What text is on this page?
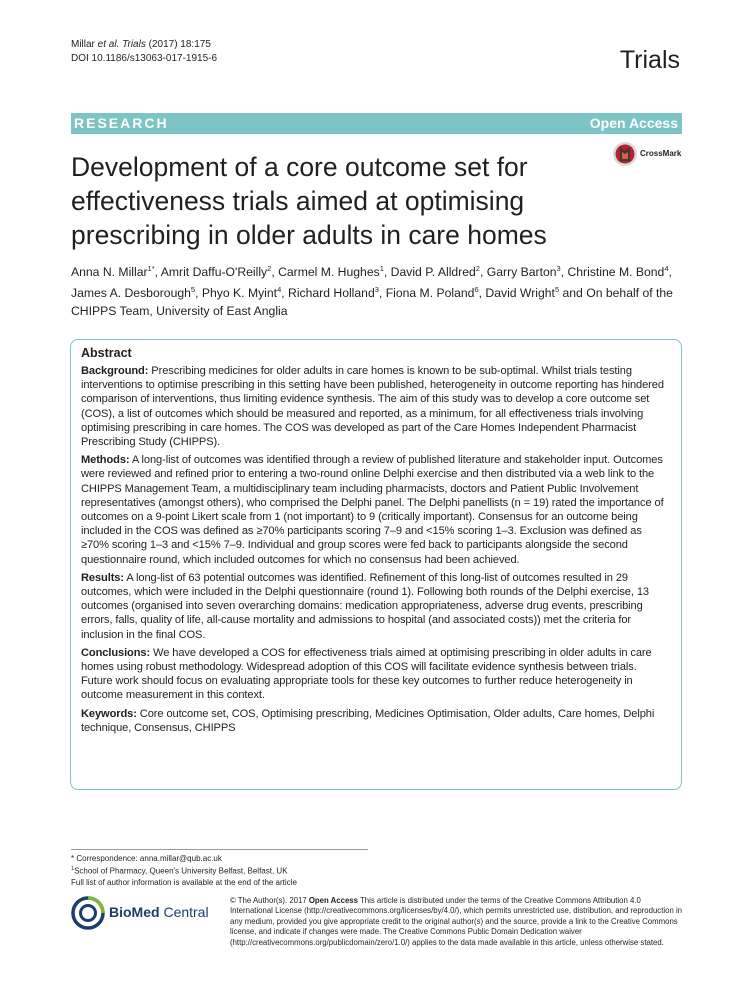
Millar et al. Trials (2017) 18:175
DOI 10.1186/s13063-017-1915-6	Trials
RESEARCH	Open Access
Development of a core outcome set for effectiveness trials aimed at optimising prescribing in older adults in care homes
CrossMark
Anna N. Millar$^{1*}$, Amrit Daffu-O'Reilly$^2$, Carmel M. Hughes$^1$, David P. Alldred$^2$, Garry Barton$^3$, Christine M. Bond$^4$, James A. Desborough$^5$, Phyo K. Myint$^4$, Richard Holland$^3$, Fiona M. Poland$^6$, David Wright$^5$ and On behalf of the CHIPPS Team, University of East Anglia
Abstract

Background: Prescribing medicines for older adults in care homes is known to be sub-optimal. Whilst trials testing interventions to optimise prescribing in this setting have been published, heterogeneity in outcome reporting has hindered comparison of interventions, thus limiting evidence synthesis. The aim of this study was to develop a core outcome set (COS), a list of outcomes which should be measured and reported, as a minimum, for all effectiveness trials involving optimising prescribing in care homes. The COS was developed as part of the Care Homes Independent Pharmacist Prescribing Study (CHIPPS).

Methods: A long-list of outcomes was identified through a review of published literature and stakeholder input. Outcomes were reviewed and refined prior to entering a two-round online Delphi exercise and then distributed via a web link to the CHIPPS Management Team, a multidisciplinary team including pharmacists, doctors and Patient Public Involvement representatives (amongst others), who comprised the Delphi panel. The Delphi panellists (n = 19) rated the importance of outcomes on a 9-point Likert scale from 1 (not important) to 9 (critically important). Consensus for an outcome being included in the COS was defined as ≥70% participants scoring 7–9 and <15% scoring 1–3. Exclusion was defined as ≥70% scoring 1–3 and <15% 7–9. Individual and group scores were fed back to participants alongside the second questionnaire round, which included outcomes for which no consensus had been achieved.

Results: A long-list of 63 potential outcomes was identified. Refinement of this long-list of outcomes resulted in 29 outcomes, which were included in the Delphi questionnaire (round 1). Following both rounds of the Delphi exercise, 13 outcomes (organised into seven overarching domains: medication appropriateness, adverse drug events, prescribing errors, falls, quality of life, all-cause mortality and admissions to hospital (and associated costs)) met the criteria for inclusion in the final COS.

Conclusions: We have developed a COS for effectiveness trials aimed at optimising prescribing in older adults in care homes using robust methodology. Widespread adoption of this COS will facilitate evidence synthesis between trials. Future work should focus on evaluating appropriate tools for these key outcomes to further reduce heterogeneity in outcome measurement in this context.

Keywords: Core outcome set, COS, Optimising prescribing, Medicines Optimisation, Older adults, Care homes, Delphi technique, Consensus, CHIPPS

* Correspondence: anna.millar@qub.ac.uk
$^1$School of Pharmacy, Queen's University Belfast, Belfast, UK
Full list of author information is available at the end of the article
BioMed Central
© The Author(s). 2017 Open Access This article is distributed under the terms of the Creative Commons Attribution 4.0 International License (http://creativecommons.org/licenses/by/4.0/), which permits unrestricted use, distribution, and reproduction in any medium, provided you give appropriate credit to the original author(s) and the source, provide a link to the Creative Commons license, and indicate if changes were made. The Creative Commons Public Domain Dedication waiver (http://creativecommons.org/publicdomain/zero/1.0/) applies to the data made available in this article, unless otherwise stated.
